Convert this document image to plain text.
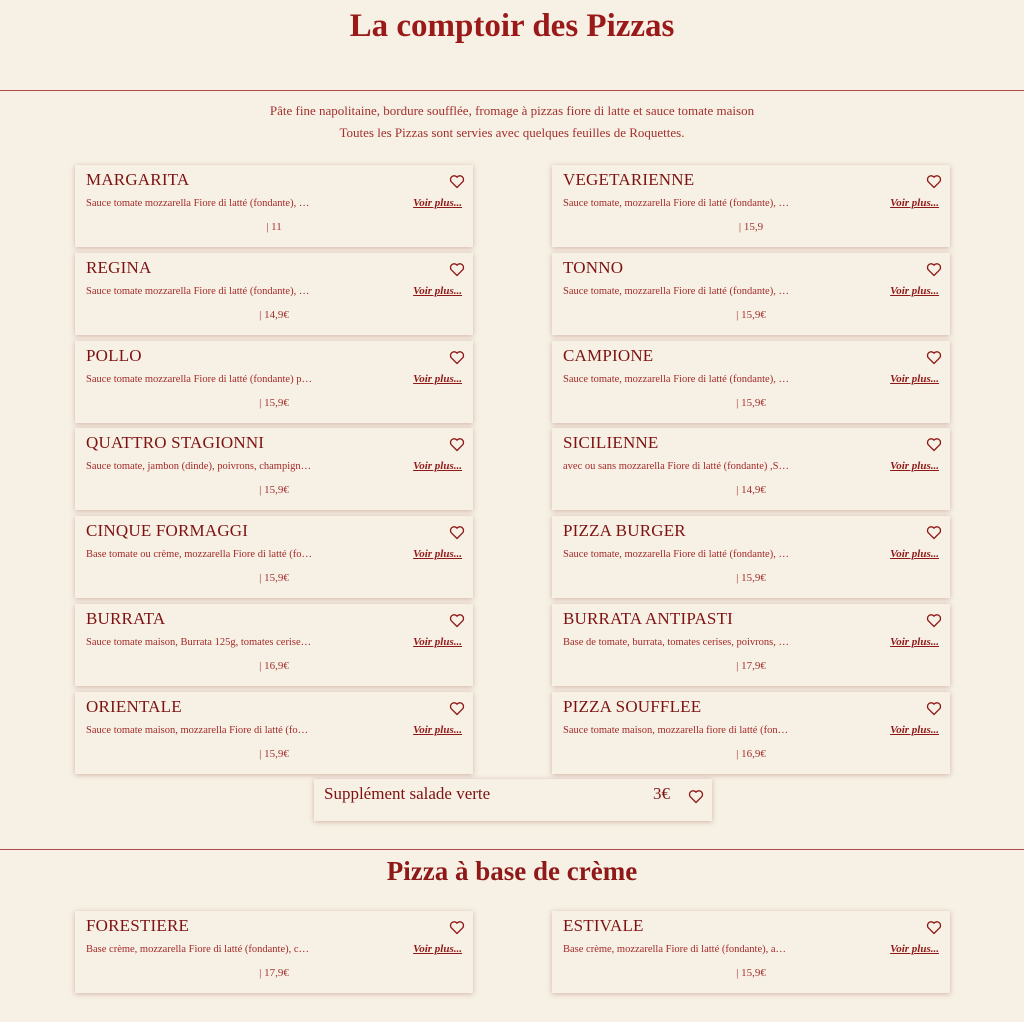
La comptoir des Pizzas
Pâte fine napolitaine, bordure soufflée, fromage à pizzas fiore di latte et sauce tomate maison
Toutes les Pizzas sont servies avec quelques feuilles de Roquettes.
MARGARITA
Sauce tomate mozzarella Fiore di latté (fondante), …	Voir plus...
| 11
VEGETARIENNE
Sauce tomate, mozzarella Fiore di latté (fondante), …	Voir plus...
| 15,9
REGINA
Sauce tomate mozzarella Fiore di latté (fondante), …	Voir plus...
| 14,9€
TONNO
Sauce tomate, mozzarella Fiore di latté (fondante), …	Voir plus...
| 15,9€
POLLO
Sauce tomate mozzarella Fiore di latté (fondante) p…	Voir plus...
| 15,9€
CAMPIONE
Sauce tomate, mozzarella Fiore di latté (fondante), …	Voir plus...
| 15,9€
QUATTRO STAGIONNI
Sauce tomate, jambon (dinde), poivrons, champign…	Voir plus...
| 15,9€
SICILIENNE
avec ou sans mozzarella Fiore di latté (fondante) ,S…	Voir plus...
| 14,9€
CINQUE FORMAGGI
Base tomate ou crème, mozzarella Fiore di latté (fo…	Voir plus...
| 15,9€
PIZZA BURGER
Sauce tomate, mozzarella Fiore di latté (fondante), …	Voir plus...
| 15,9€
BURRATA
Sauce tomate maison, Burrata 125g, tomates cerise…	Voir plus...
| 16,9€
BURRATA ANTIPASTI
Base de tomate, burrata, tomates cerises, poivrons, …	Voir plus...
| 17,9€
ORIENTALE
Sauce tomate maison, mozzarella Fiore di latté (fo…	Voir plus...
| 15,9€
PIZZA SOUFFLEE
Sauce tomate maison, mozzarella fiore di latté (fon…	Voir plus...
| 16,9€
Supplément salade verte	3€
Pizza à base de crème
FORESTIERE
Base crème, mozzarella Fiore di latté (fondante), c…	Voir plus...
| 17,9€
ESTIVALE
Base crème, mozzarella Fiore di latté (fondante), a…	Voir plus...
| 15,9€
